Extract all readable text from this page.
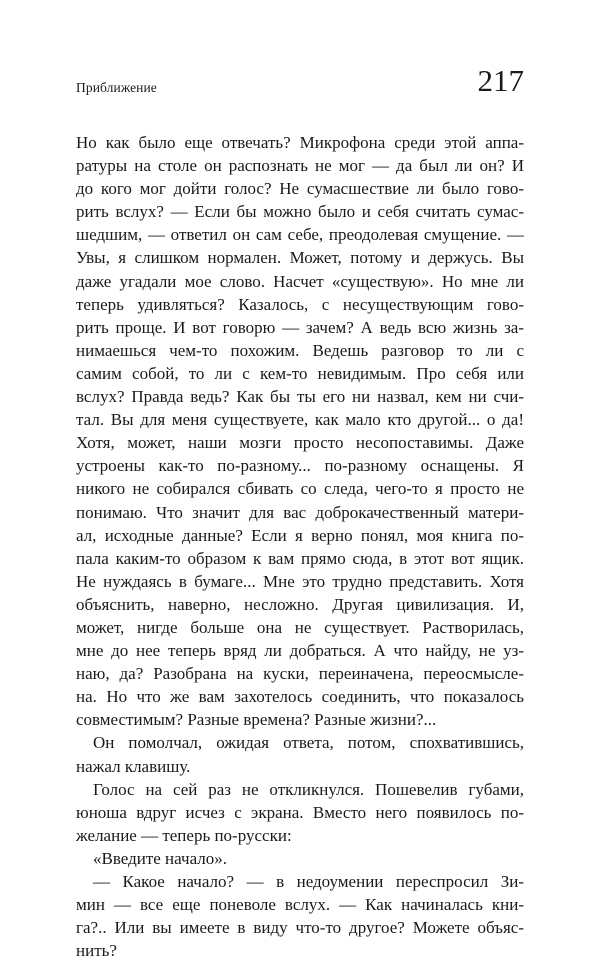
Приближение	217
Но как было еще отвечать? Микрофона среди этой аппа-
ратуры на столе он распознать не мог — да был ли он? И
до кого мог дойти голос? Не сумасшествие ли было гово-
рить вслух? — Если бы можно было и себя считать сумас-
шедшим, — ответил он сам себе, преодолевая смущение. —
Увы, я слишком нормален. Может, потому и держусь. Вы
даже угадали мое слово. Насчет «существую». Но мне ли
теперь удивляться? Казалось, с несуществующим гово-
рить проще. И вот говорю — зачем? А ведь всю жизнь за-
нимаешься чем-то похожим. Ведешь разговор то ли с
самим собой, то ли с кем-то невидимым. Про себя или
вслух? Правда ведь? Как бы ты его ни назвал, кем ни счи-
тал. Вы для меня существуете, как мало кто другой... о да!
Хотя, может, наши мозги просто несопоставимы. Даже
устроены как-то по-разному... по-разному оснащены. Я
никого не собирался сбивать со следа, чего-то я просто не
понимаю. Что значит для вас доброкачественный матери-
ал, исходные данные? Если я верно понял, моя книга по-
пала каким-то образом к вам прямо сюда, в этот вот ящик.
Не нуждаясь в бумаге... Мне это трудно представить. Хотя
объяснить, наверно, несложно. Другая цивилизация. И,
может, нигде больше она не существует. Растворилась,
мне до нее теперь вряд ли добраться. А что найду, не уз-
наю, да? Разобрана на куски, переиначена, переосмысле-
на. Но что же вам захотелось соединить, что показалось
совместимым? Разные времена? Разные жизни?...
Он помолчал, ожидая ответа, потом, спохватившись,
нажал клавишу.
Голос на сей раз не откликнулся. Пошевелив губами,
юноша вдруг исчез с экрана. Вместо него появилось по-
желание — теперь по-русски:
«Введите начало».
— Какое начало? — в недоумении переспросил Зи-
мин — все еще поневоле вслух. — Как начиналась кни-
га?.. Или вы имеете в виду что-то другое? Можете объяс-
нить?
